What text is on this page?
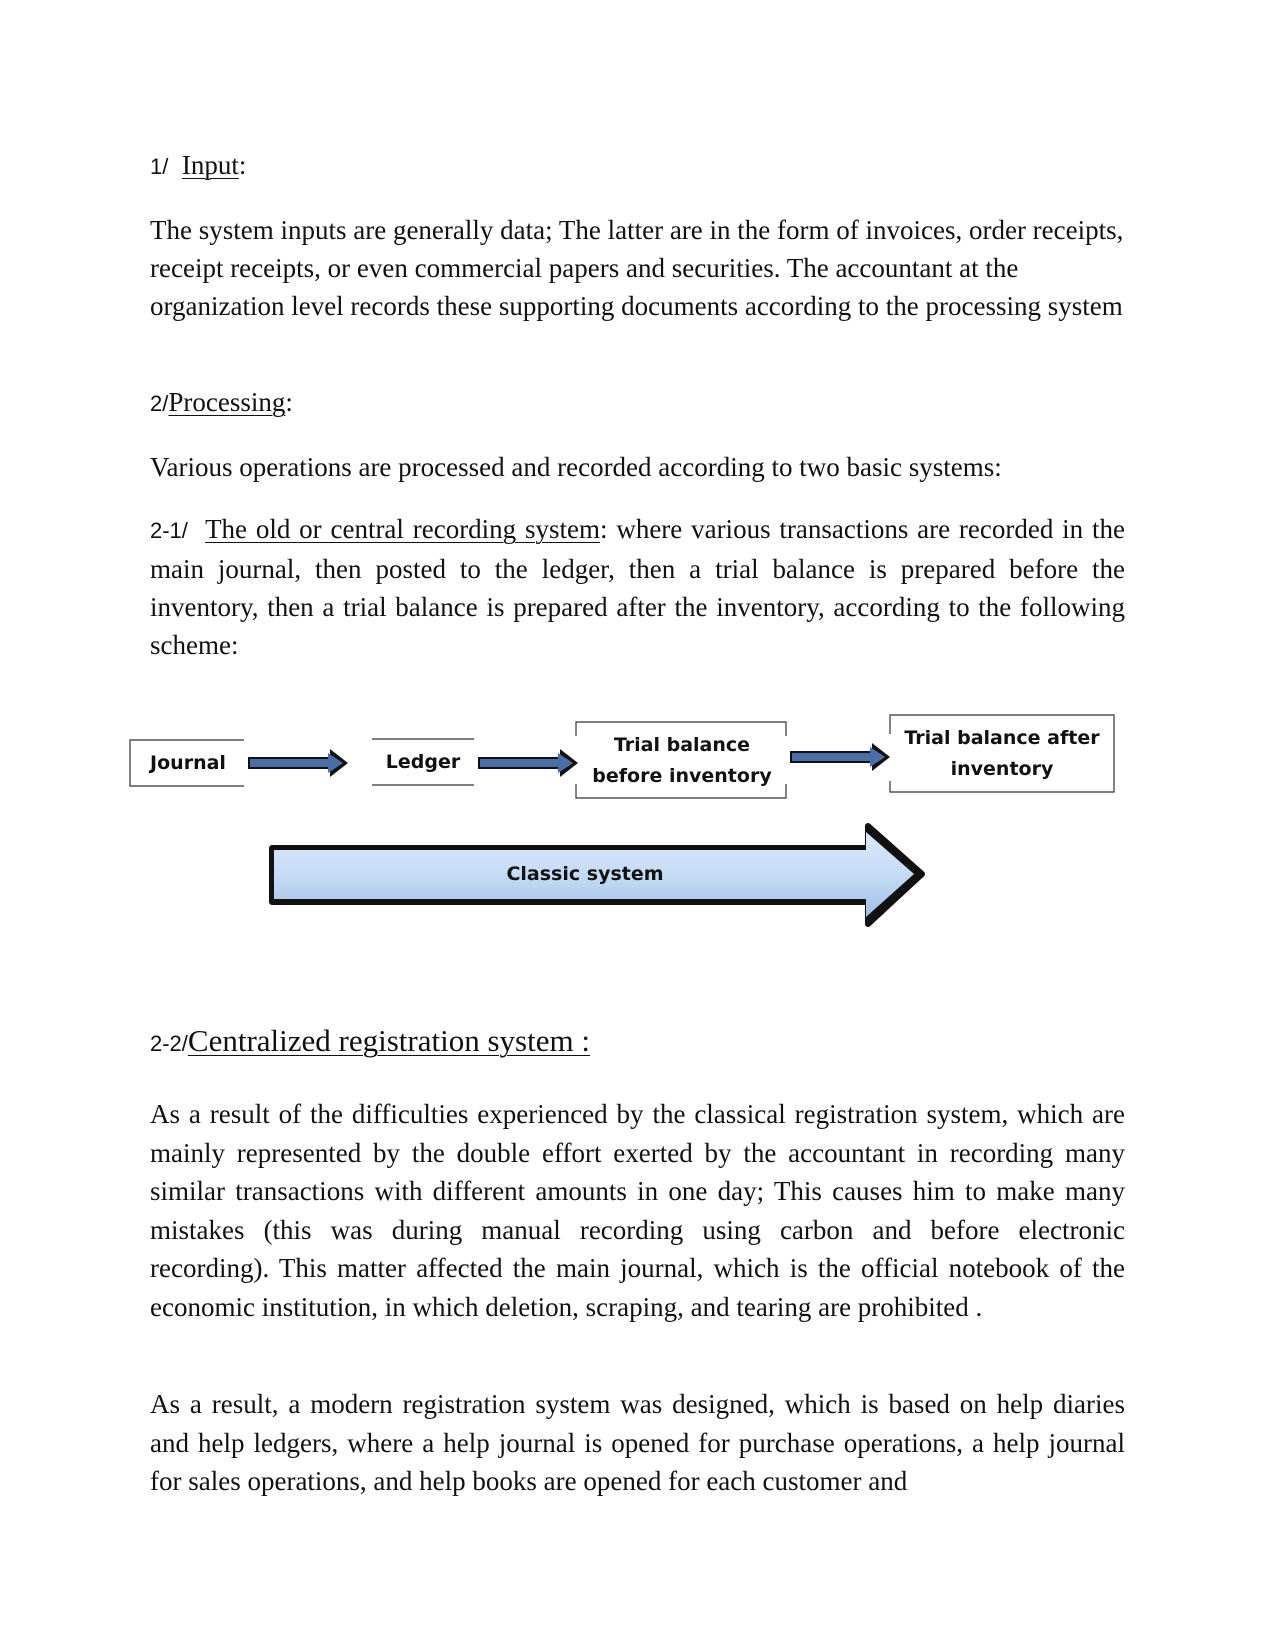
1/ Input:

The system inputs are generally data; The latter are in the form of invoices, order receipts, receipt receipts, or even commercial papers and securities. The accountant at the organization level records these supporting documents according to the processing system

2/Processing:

Various operations are processed and recorded according to two basic systems:

2-1/ The old or central recording system: where various transactions are recorded in the main journal, then posted to the ledger, then a trial balance is prepared before the inventory, then a trial balance is prepared after the inventory, according to the following scheme:

Journal	Ledger
Trial balance before inventory
Trial balance after inventory
Classic system

2-2/Centralized registration system :

As a result of the difficulties experienced by the classical registration system, which are mainly represented by the double effort exerted by the accountant in recording many similar transactions with different amounts in one day; This causes him to make many mistakes (this was during manual recording using carbon and before electronic recording). This matter affected the main journal, which is the official notebook of the economic institution, in which deletion, scraping, and tearing are prohibited .

As a result, a modern registration system was designed, which is based on help diaries and help ledgers, where a help journal is opened for purchase operations, a help journal for sales operations, and help books are opened for each customer and
